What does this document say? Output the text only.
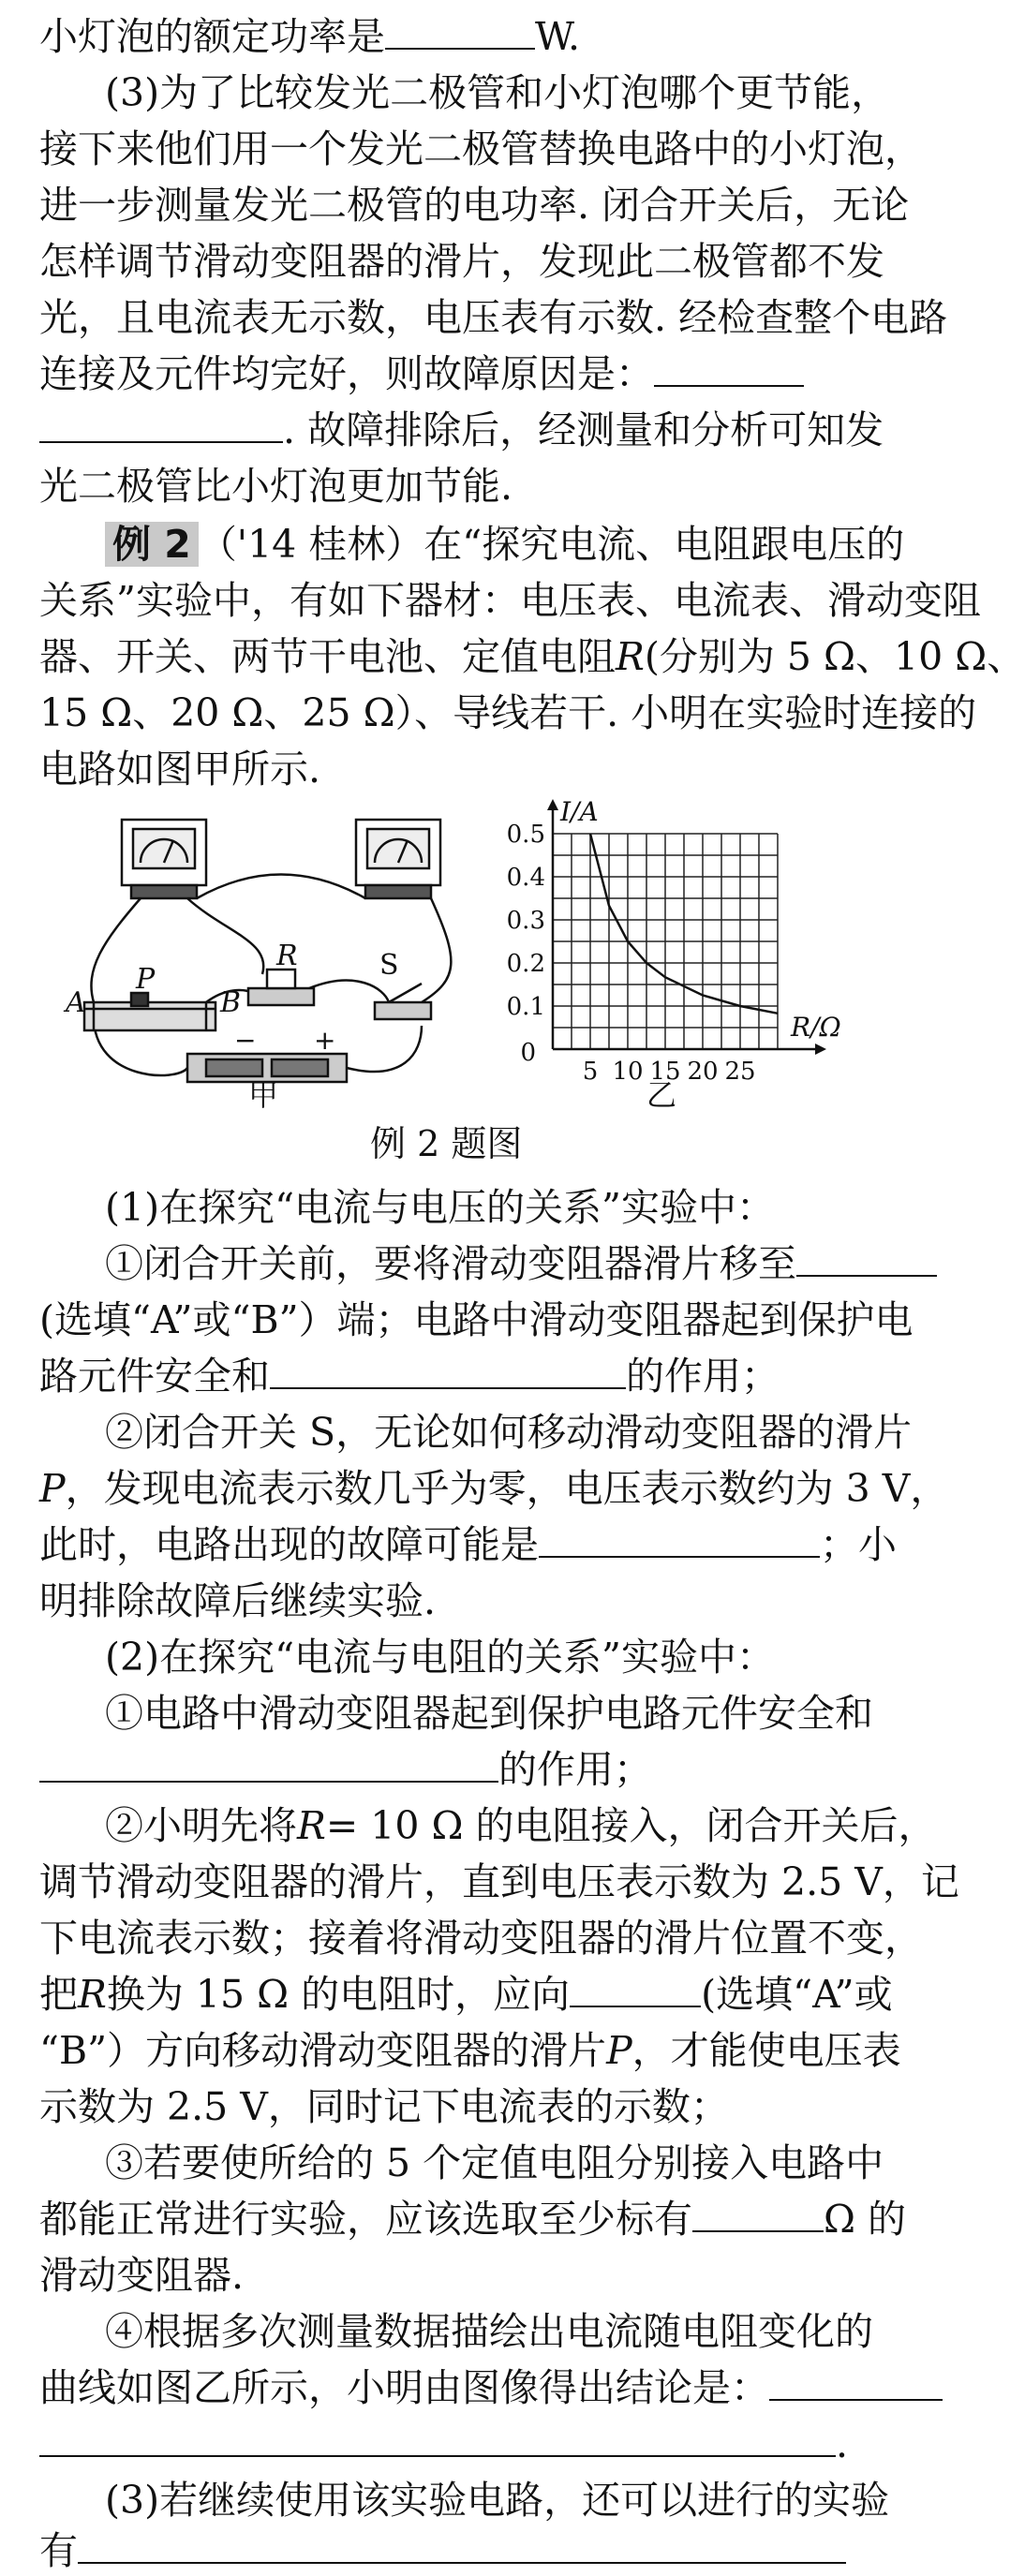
小灯泡的额定功率是	W.
(3)为了比较发光二极管和小灯泡哪个更节能，
接下来他们用一个发光二极管替换电路中的小灯泡，
进一步测量发光二极管的电功率. 闭合开关后，无论
怎样调节滑动变阻器的滑片，发现此二极管都不发
光，且电流表无示数，电压表有示数. 经检查整个电路
连接及元件均完好，则故障原因是：
. 故障排除后，经测量和分析可知发
光二极管比小灯泡更加节能.
例 2 （'14 桂林）在“探究电流、电阻跟电压的
关系”实验中，有如下器材：电压表、电流表、滑动变阻
器、开关、两节干电池、定值电阻R(分别为 5 Ω、10 Ω、
15 Ω、20 Ω、25 Ω）、导线若干. 小明在实验时连接的
电路如图甲所示.
A
P
B
R	S
− +
0.1
0.2
0.3
0.4
0.5
0
5 10 15 20 25
I/A
R/Ω
甲	乙
例 2 题图
(1)在探究“电流与电压的关系”实验中：
①闭合开关前，要将滑动变阻器滑片移至
(选填“A”或“B”）端；电路中滑动变阻器起到保护电
路元件安全和	的作用；
②闭合开关 S，无论如何移动滑动变阻器的滑片
P，发现电流表示数几乎为零，电压表示数约为 3 V，
此时，电路出现的故障可能是	；小
明排除故障后继续实验.
(2)在探究“电流与电阻的关系”实验中：
①电路中滑动变阻器起到保护电路元件安全和
的作用；
②小明先将R= 10 Ω 的电阻接入，闭合开关后，
调节滑动变阻器的滑片，直到电压表示数为 2.5 V，记
下电流表示数；接着将滑动变阻器的滑片位置不变，
把R换为 15 Ω 的电阻时，应向	(选填“A”或
“B”）方向移动滑动变阻器的滑片P，才能使电压表
示数为 2.5 V，同时记下电流表的示数；
③若要使所给的 5 个定值电阻分别接入电路中
都能正常进行实验，应该选取至少标有	Ω 的
滑动变阻器.
④根据多次测量数据描绘出电流随电阻变化的
曲线如图乙所示，小明由图像得出结论是：
.
(3)若继续使用该实验电路，还可以进行的实验
有
